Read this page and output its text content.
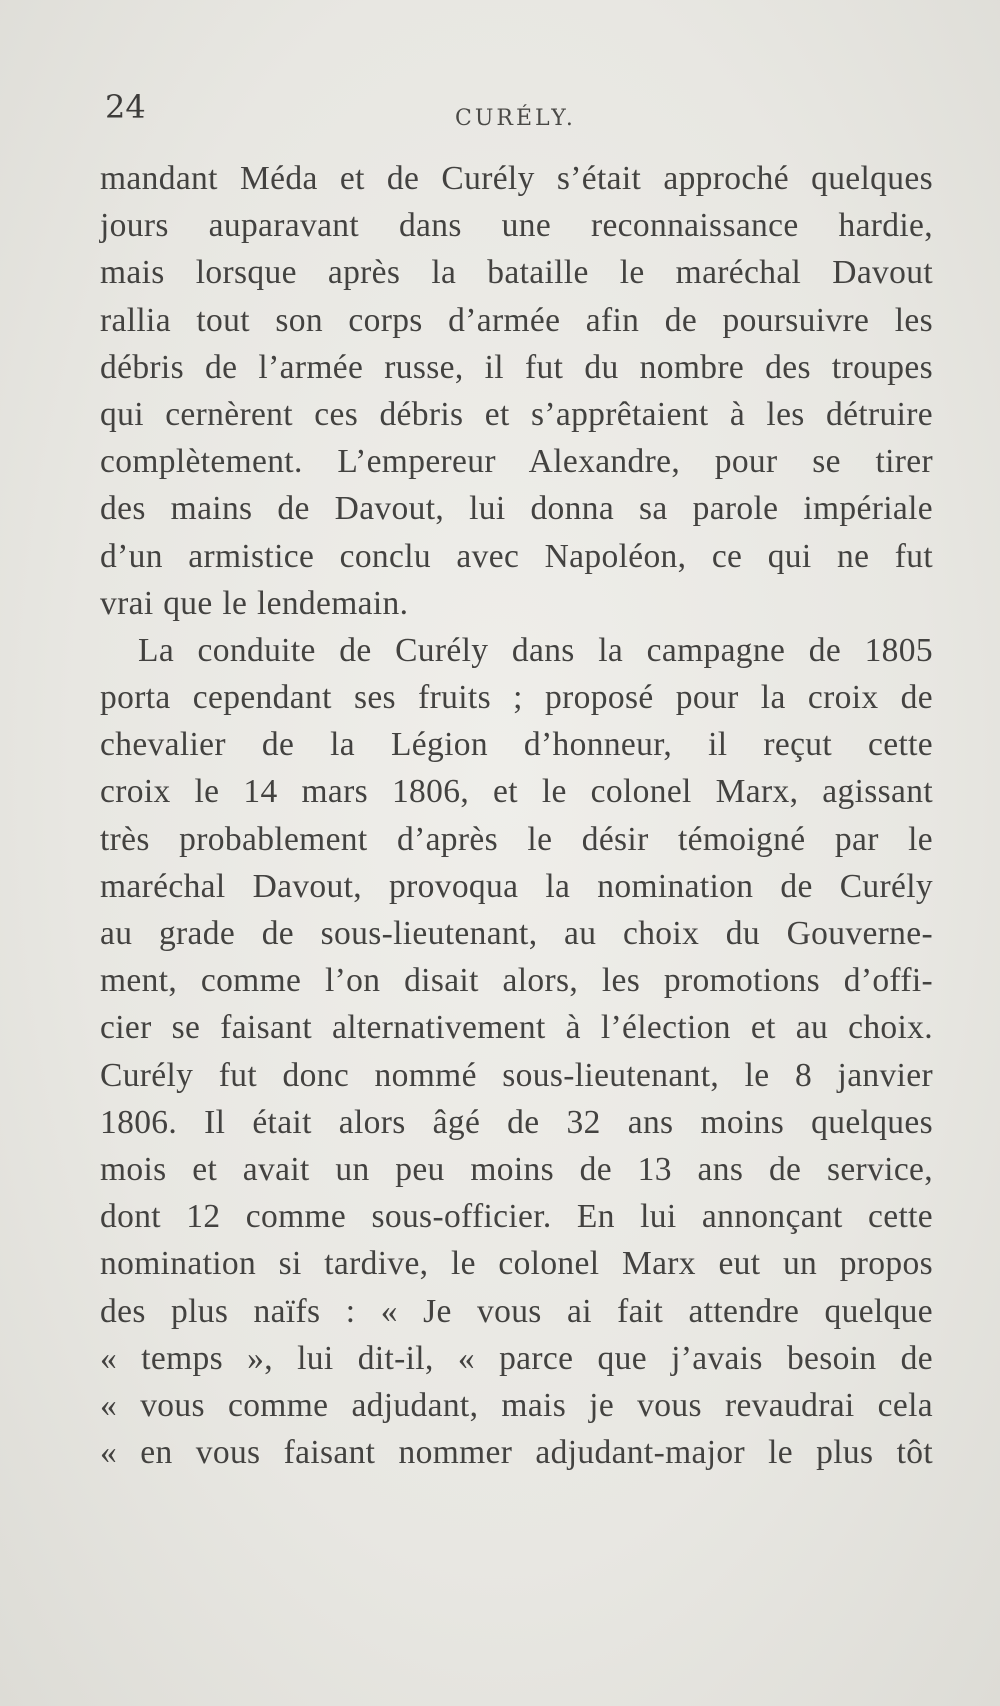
24	CURÉLY.
mandant Méda et de Curély s’était approché quelques
jours auparavant dans une reconnaissance hardie,
mais lorsque après la bataille le maréchal Davout
rallia tout son corps d’armée afin de poursuivre les
débris de l’armée russe, il fut du nombre des troupes
qui cernèrent ces débris et s’apprêtaient à les détruire
complètement. L’empereur Alexandre, pour se tirer
des mains de Davout, lui donna sa parole impériale
d’un armistice conclu avec Napoléon, ce qui ne fut
vrai que le lendemain.
La conduite de Curély dans la campagne de 1805
porta cependant ses fruits ; proposé pour la croix de
chevalier de la Légion d’honneur, il reçut cette
croix le 14 mars 1806, et le colonel Marx, agissant
très probablement d’après le désir témoigné par le
maréchal Davout, provoqua la nomination de Curély
au grade de sous-lieutenant, au choix du Gouverne-
ment, comme l’on disait alors, les promotions d’offi-
cier se faisant alternativement à l’élection et au choix.
Curély fut donc nommé sous-lieutenant, le 8 janvier
1806. Il était alors âgé de 32 ans moins quelques
mois et avait un peu moins de 13 ans de service,
dont 12 comme sous-officier. En lui annonçant cette
nomination si tardive, le colonel Marx eut un propos
des plus naïfs : « Je vous ai fait attendre quelque
« temps », lui dit-il, « parce que j’avais besoin de
« vous comme adjudant, mais je vous revaudrai cela
« en vous faisant nommer adjudant-major le plus tôt
